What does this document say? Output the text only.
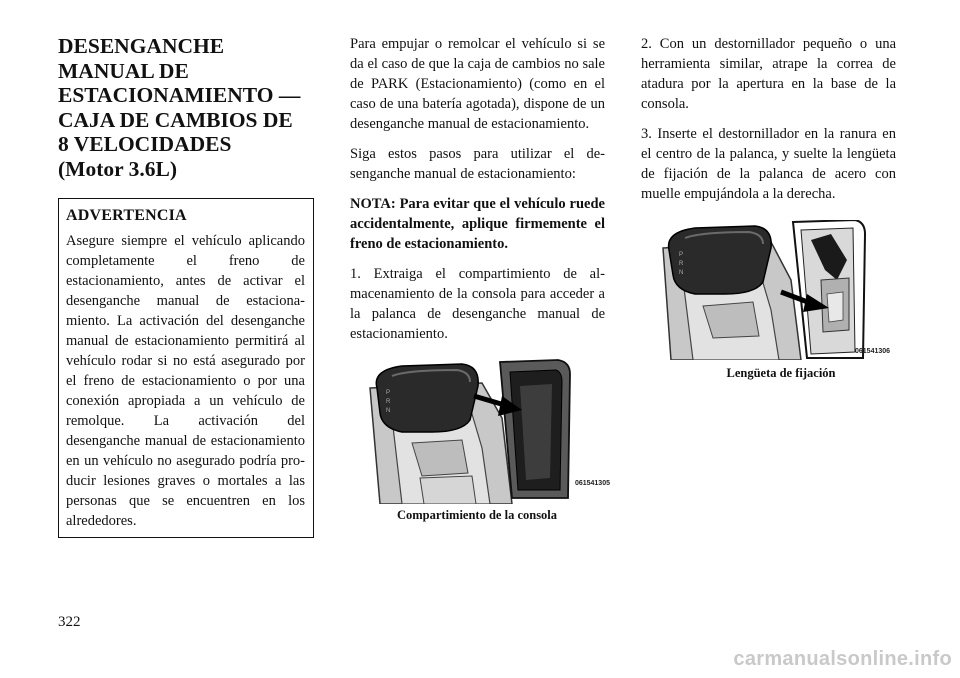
DESENGANCHE
MANUAL DE
ESTACIONAMIENTO —
CAJA DE CAMBIOS DE
8 VELOCIDADES
(Motor 3.6L)
ADVERTENCIA

Asegure siempre el vehículo aplicando completamente el freno de estacionamiento, antes de activar el desenganche manual de estacionamiento. La activación del desenganche manual de estacionamiento permitirá al vehículo rodar si no está asegurado por el freno de estacionamiento o por una conexión apropiada a un vehículo de remolque. La activación del desenganche manual de estacionamiento en un vehículo no asegurado podría producir lesiones graves o mortales a las personas que se encuentren en los alrededores.

Para empujar o remolcar el vehículo si se da el caso de que la caja de cambios no sale de PARK (Estacionamiento) (como en el caso de una batería agotada), dispone de un desenganche manual de estacionamiento.

Siga estos pasos para utilizar el desenganche manual de estacionamiento:

NOTA: Para evitar que el vehículo ruede accidentalmente, aplique firmemente el freno de estacionamiento.

1. Extraiga el compartimiento de almacenamiento de la consola para acceder a la palanca de desenganche manual de estacionamiento.

P
R
N
061541305
Compartimiento de la consola

2. Con un destornillador pequeño o una herramienta similar, atrape la correa de atadura por la apertura en la base de la consola.

3. Inserte el destornillador en la ranura en el centro de la palanca, y suelte la lengüeta de fijación de la palanca de acero con muelle empujándola a la derecha.

P
R
N
061541306
Lengüeta de fijación
322
carmanualsonline.info
